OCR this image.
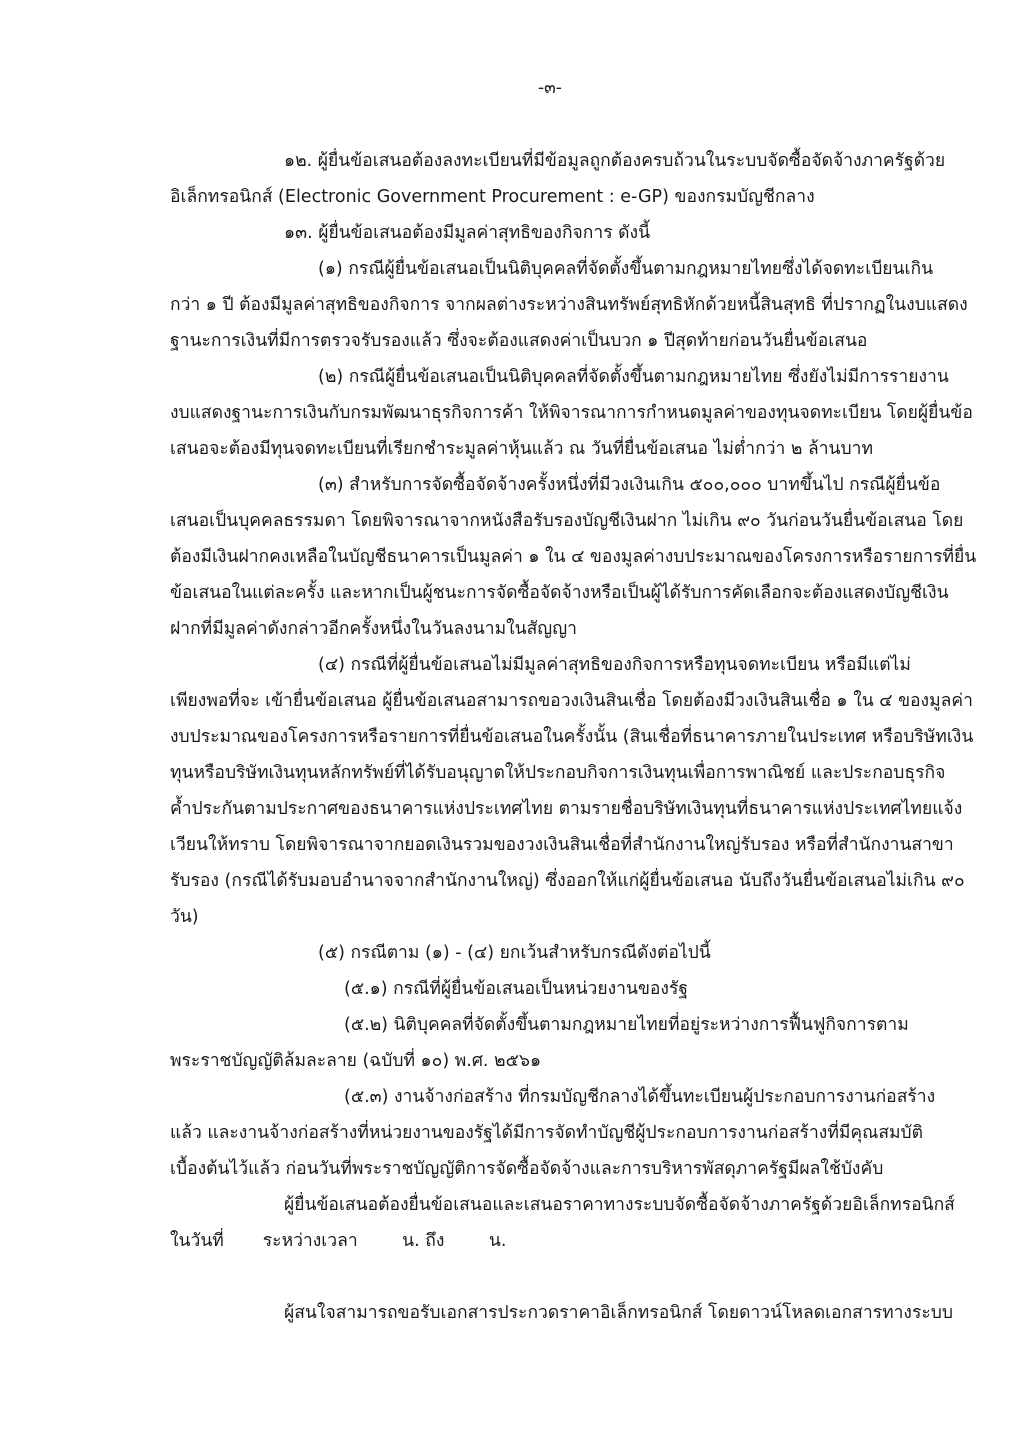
-๓-
๑๒. ผู้ยื่นข้อเสนอต้องลงทะเบียนที่มีข้อมูลถูกต้องครบถ้วนในระบบจัดซื้อจัดจ้างภาครัฐด้วย
อิเล็กทรอนิกส์ (Electronic Government Procurement : e-GP) ของกรมบัญชีกลาง
๑๓. ผู้ยื่นข้อเสนอต้องมีมูลค่าสุทธิของกิจการ ดังนี้
(๑) กรณีผู้ยื่นข้อเสนอเป็นนิติบุคคลที่จัดตั้งขึ้นตามกฎหมายไทยซึ่งได้จดทะเบียนเกิน
กว่า ๑ ปี ต้องมีมูลค่าสุทธิของกิจการ จากผลต่างระหว่างสินทรัพย์สุทธิหักด้วยหนี้สินสุทธิ ที่ปรากฏในงบแสดง
ฐานะการเงินที่มีการตรวจรับรองแล้ว ซึ่งจะต้องแสดงค่าเป็นบวก ๑ ปีสุดท้ายก่อนวันยื่นข้อเสนอ
(๒) กรณีผู้ยื่นข้อเสนอเป็นนิติบุคคลที่จัดตั้งขึ้นตามกฎหมายไทย ซึ่งยังไม่มีการรายงาน
งบแสดงฐานะการเงินกับกรมพัฒนาธุรกิจการค้า ให้พิจารณาการกำหนดมูลค่าของทุนจดทะเบียน โดยผู้ยื่นข้อ
เสนอจะต้องมีทุนจดทะเบียนที่เรียกชำระมูลค่าหุ้นแล้ว ณ วันที่ยื่นข้อเสนอ ไม่ต่ำกว่า ๒ ล้านบาท
(๓) สำหรับการจัดซื้อจัดจ้างครั้งหนึ่งที่มีวงเงินเกิน ๕๐๐,๐๐๐ บาทขึ้นไป กรณีผู้ยื่นข้อ
เสนอเป็นบุคคลธรรมดา โดยพิจารณาจากหนังสือรับรองบัญชีเงินฝาก ไม่เกิน ๙๐ วันก่อนวันยื่นข้อเสนอ โดย
ต้องมีเงินฝากคงเหลือในบัญชีธนาคารเป็นมูลค่า ๑ ใน ๔ ของมูลค่างบประมาณของโครงการหรือรายการที่ยื่น
ข้อเสนอในแต่ละครั้ง และหากเป็นผู้ชนะการจัดซื้อจัดจ้างหรือเป็นผู้ได้รับการคัดเลือกจะต้องแสดงบัญชีเงิน
ฝากที่มีมูลค่าดังกล่าวอีกครั้งหนึ่งในวันลงนามในสัญญา
(๔) กรณีที่ผู้ยื่นข้อเสนอไม่มีมูลค่าสุทธิของกิจการหรือทุนจดทะเบียน หรือมีแต่ไม่
เพียงพอที่จะ เข้ายื่นข้อเสนอ ผู้ยื่นข้อเสนอสามารถขอวงเงินสินเชื่อ โดยต้องมีวงเงินสินเชื่อ ๑ ใน ๔ ของมูลค่า
งบประมาณของโครงการหรือรายการที่ยื่นข้อเสนอในครั้งนั้น (สินเชื่อที่ธนาคารภายในประเทศ หรือบริษัทเงิน
ทุนหรือบริษัทเงินทุนหลักทรัพย์ที่ได้รับอนุญาตให้ประกอบกิจการเงินทุนเพื่อการพาณิชย์ และประกอบธุรกิจ
ค้ำประกันตามประกาศของธนาคารแห่งประเทศไทย ตามรายชื่อบริษัทเงินทุนที่ธนาคารแห่งประเทศไทยแจ้ง
เวียนให้ทราบ โดยพิจารณาจากยอดเงินรวมของวงเงินสินเชื่อที่สำนักงานใหญ่รับรอง หรือที่สำนักงานสาขา
รับรอง (กรณีได้รับมอบอำนาจจากสำนักงานใหญ่) ซึ่งออกให้แก่ผู้ยื่นข้อเสนอ นับถึงวันยื่นข้อเสนอไม่เกิน ๙๐
วัน)
(๕) กรณีตาม (๑) - (๔) ยกเว้นสำหรับกรณีดังต่อไปนี้
(๕.๑) กรณีที่ผู้ยื่นข้อเสนอเป็นหน่วยงานของรัฐ
(๕.๒) นิติบุคคลที่จัดตั้งขึ้นตามกฎหมายไทยที่อยู่ระหว่างการฟื้นฟูกิจการตาม
พระราชบัญญัติล้มละลาย (ฉบับที่ ๑๐) พ.ศ. ๒๕๖๑
(๕.๓) งานจ้างก่อสร้าง ที่กรมบัญชีกลางได้ขึ้นทะเบียนผู้ประกอบการงานก่อสร้าง
แล้ว และงานจ้างก่อสร้างที่หน่วยงานของรัฐได้มีการจัดทำบัญชีผู้ประกอบการงานก่อสร้างที่มีคุณสมบัติ
เบื้องต้นไว้แล้ว ก่อนวันที่พระราชบัญญัติการจัดซื้อจัดจ้างและการบริหารพัสดุภาครัฐมีผลใช้บังคับ
ผู้ยื่นข้อเสนอต้องยื่นข้อเสนอและเสนอราคาทางระบบจัดซื้อจัดจ้างภาครัฐด้วยอิเล็กทรอนิกส์
ในวันที่       ระหว่างเวลา        น. ถึง        น.
ผู้สนใจสามารถขอรับเอกสารประกวดราคาอิเล็กทรอนิกส์ โดยดาวน์โหลดเอกสารทางระบบ
